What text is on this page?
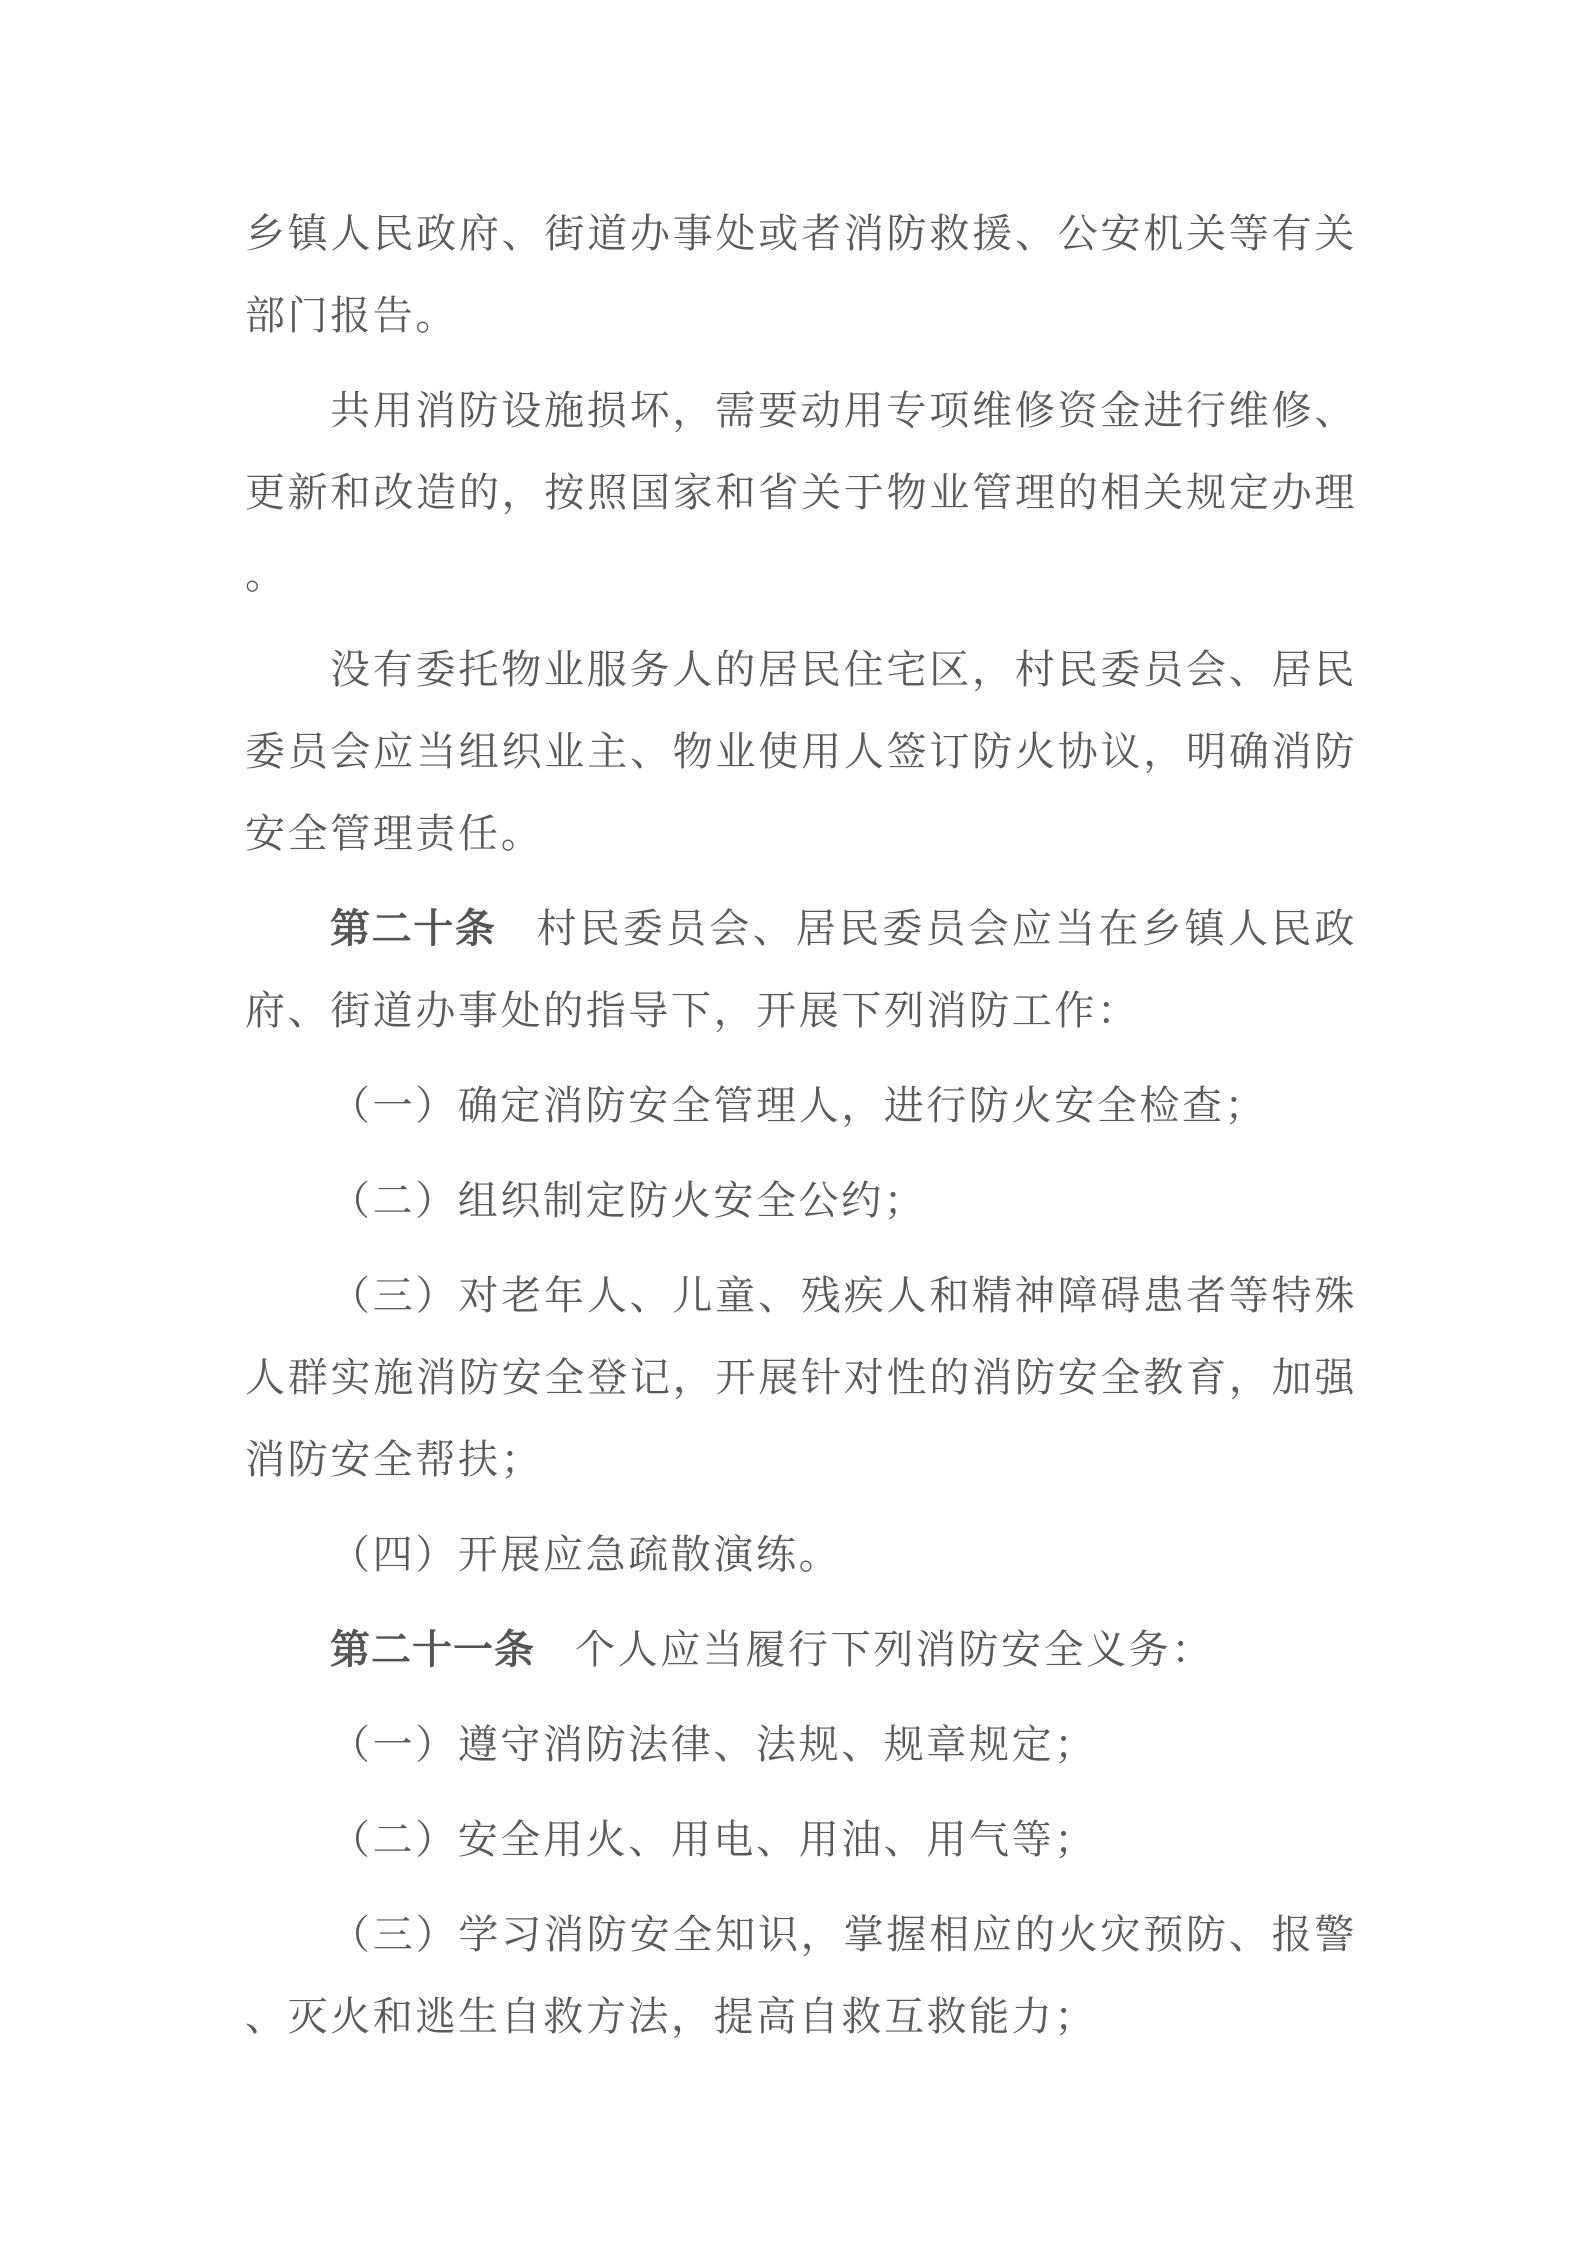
乡镇人民政府、街道办事处或者消防救援、公安机关等有关部门报告。

共用消防设施损坏，需要动用专项维修资金进行维修、更新和改造的，按照国家和省关于物业管理的相关规定办理。

没有委托物业服务人的居民住宅区，村民委员会、居民委员会应当组织业主、物业使用人签订防火协议，明确消防安全管理责任。

第二十条 村民委员会、居民委员会应当在乡镇人民政府、街道办事处的指导下，开展下列消防工作：

（一）确定消防安全管理人，进行防火安全检查；

（二）组织制定防火安全公约；

（三）对老年人、儿童、残疾人和精神障碍患者等特殊人群实施消防安全登记，开展针对性的消防安全教育，加强消防安全帮扶；

（四）开展应急疏散演练。

第二十一条 个人应当履行下列消防安全义务：

（一）遵守消防法律、法规、规章规定；

（二）安全用火、用电、用油、用气等；

（三）学习消防安全知识，掌握相应的火灾预防、报警、灭火和逃生自救方法，提高自救互救能力；
